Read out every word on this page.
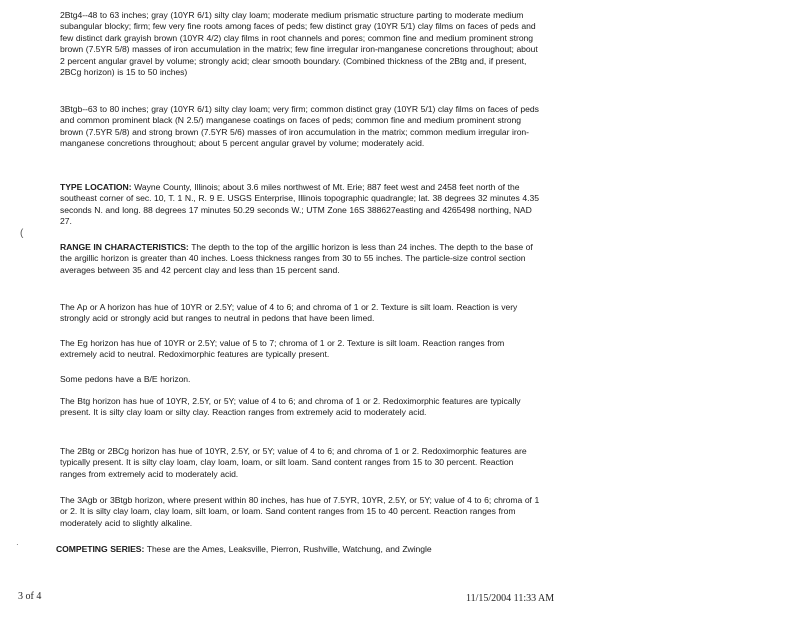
(
·

2Btg4--48 to 63 inches; gray (10YR 6/1) silty clay loam; moderate medium prismatic structure parting to moderate medium subangular blocky; firm; few very fine roots among faces of peds; few distinct gray (10YR 5/1) clay films on faces of peds and few distinct dark grayish brown (10YR 4/2) clay films in root channels and pores; common fine and medium prominent strong brown (7.5YR 5/8) masses of iron accumulation in the matrix; few fine irregular iron-manganese concretions throughout; about 2 percent angular gravel by volume; strongly acid; clear smooth boundary. (Combined thickness of the 2Btg and, if present, 2BCg horizon) is 15 to 50 inches)

3Btgb--63 to 80 inches; gray (10YR 6/1) silty clay loam; very firm; common distinct gray (10YR 5/1) clay films on faces of peds and common prominent black (N 2.5/) manganese coatings on faces of peds; common fine and medium prominent strong brown (7.5YR 5/8) and strong brown (7.5YR 5/6) masses of iron accumulation in the matrix; common medium irregular iron-manganese concretions throughout; about 5 percent angular gravel by volume; moderately acid.

TYPE LOCATION: Wayne County, Illinois; about 3.6 miles northwest of Mt. Erie; 887 feet west and 2458 feet north of the southeast corner of sec. 10, T. 1 N., R. 9 E. USGS Enterprise, Illinois topographic quadrangle; lat. 38 degrees 32 minutes 4.35 seconds N. and long. 88 degrees 17 minutes 50.29 seconds W.; UTM Zone 16S 388627easting and 4265498 northing, NAD 27.

RANGE IN CHARACTERISTICS: The depth to the top of the argillic horizon is less than 24 inches. The depth to the base of the argillic horizon is greater than 40 inches. Loess thickness ranges from 30 to 55 inches. The particle-size control section averages between 35 and 42 percent clay and less than 15 percent sand.

The Ap or A horizon has hue of 10YR or 2.5Y; value of 4 to 6; and chroma of 1 or 2. Texture is silt loam. Reaction is very strongly acid or strongly acid but ranges to neutral in pedons that have been limed.

The Eg horizon has hue of 10YR or 2.5Y; value of 5 to 7; chroma of 1 or 2. Texture is silt loam. Reaction ranges from extremely acid to neutral. Redoximorphic features are typically present.

Some pedons have a B/E horizon.

The Btg horizon has hue of 10YR, 2.5Y, or 5Y; value of 4 to 6; and chroma of 1 or 2. Redoximorphic features are typically present. It is silty clay loam or silty clay. Reaction ranges from extremely acid to moderately acid.

The 2Btg or 2BCg horizon has hue of 10YR, 2.5Y, or 5Y; value of 4 to 6; and chroma of 1 or 2. Redoximorphic features are typically present. It is silty clay loam, clay loam, loam, or silt loam. Sand content ranges from 15 to 30 percent. Reaction ranges from extremely acid to moderately acid.

The 3Agb or 3Btgb horizon, where present within 80 inches, has hue of 7.5YR, 10YR, 2.5Y, or 5Y; value of 4 to 6; chroma of 1 or 2. It is silty clay loam, clay loam, silt loam, or loam. Sand content ranges from 15 to 40 percent. Reaction ranges from moderately acid to slightly alkaline.

COMPETING SERIES: These are the Ames, Leaksville, Pierron, Rushville, Watchung, and Zwingle

3 of 4	11/15/2004 11:33 AM
